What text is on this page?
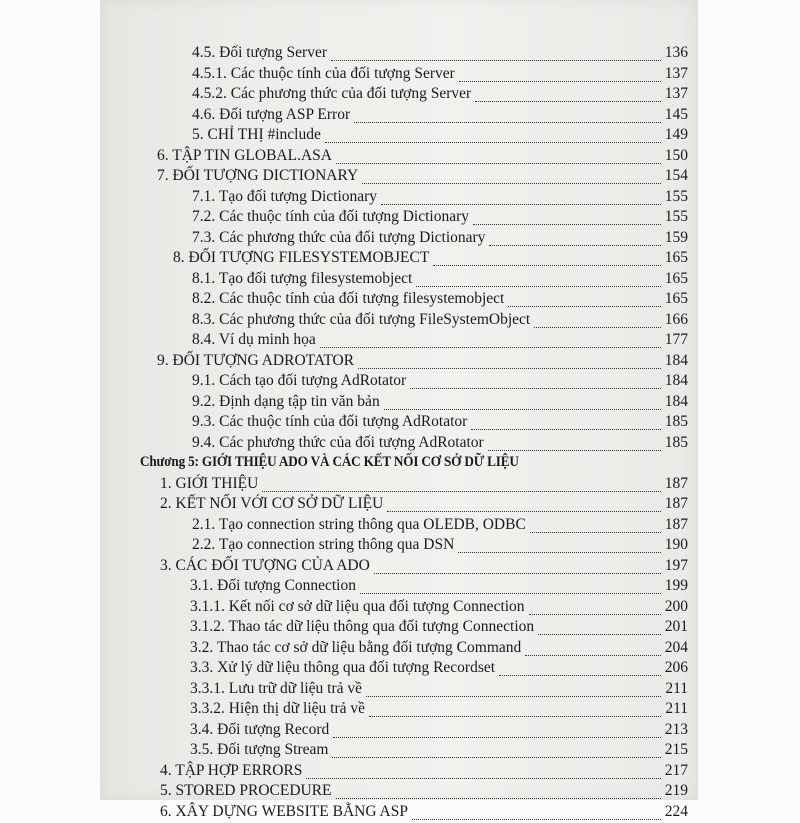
4.5. Đối tượng Server	136
4.5.1. Các thuộc tính của đối tượng Server	137
4.5.2. Các phương thức của đối tượng Server	137
4.6. Đối tượng ASP Error	145
5. CHỈ THỊ #include	149
6. TẬP TIN GLOBAL.ASA	150
7. ĐỐI TƯỢNG DICTIONARY	154
7.1. Tạo đối tượng Dictionary	155
7.2. Các thuộc tính của đối tượng Dictionary	155
7.3. Các phương thức của đối tượng Dictionary	159
8. ĐỐI TƯỢNG FILESYSTEMOBJECT	165
8.1. Tạo đối tượng filesystemobject	165
8.2. Các thuộc tính của đối tượng filesystemobject	165
8.3. Các phương thức của đối tượng FileSystemObject	166
8.4. Ví dụ minh họa	177
9. ĐỐI TƯỢNG ADROTATOR	184
9.1. Cách tạo đối tượng AdRotator	184
9.2. Định dạng tập tin văn bản	184
9.3. Các thuộc tính của đối tượng AdRotator	185
9.4. Các phương thức của đối tượng AdRotator	185
Chương 5: GIỚI THIỆU ADO VÀ CÁC KẾT NỐI CƠ SỞ DỮ LIỆU
1. GIỚI THIỆU	187
2. KẾT NỐI VỚI CƠ SỞ DỮ LIỆU	187
2.1. Tạo connection string thông qua OLEDB, ODBC	187
2.2. Tạo connection string thông qua DSN	190
3. CÁC ĐỐI TƯỢNG CỦA ADO	197
3.1. Đối tượng Connection	199
3.1.1. Kết nối cơ sở dữ liệu qua đối tượng Connection	200
3.1.2. Thao tác dữ liệu thông qua đối tượng Connection	201
3.2. Thao tác cơ sở dữ liệu bằng đối tượng Command	204
3.3. Xử lý dữ liệu thông qua đối tượng Recordset	206
3.3.1. Lưu trữ dữ liệu trả về	211
3.3.2. Hiện thị dữ liệu trả về	211
3.4. Đối tượng Record	213
3.5. Đối tượng Stream	215
4. TẬP HỢP ERRORS	217
5. STORED PROCEDURE	219
6. XÂY DỰNG WEBSITE BẰNG ASP	224
